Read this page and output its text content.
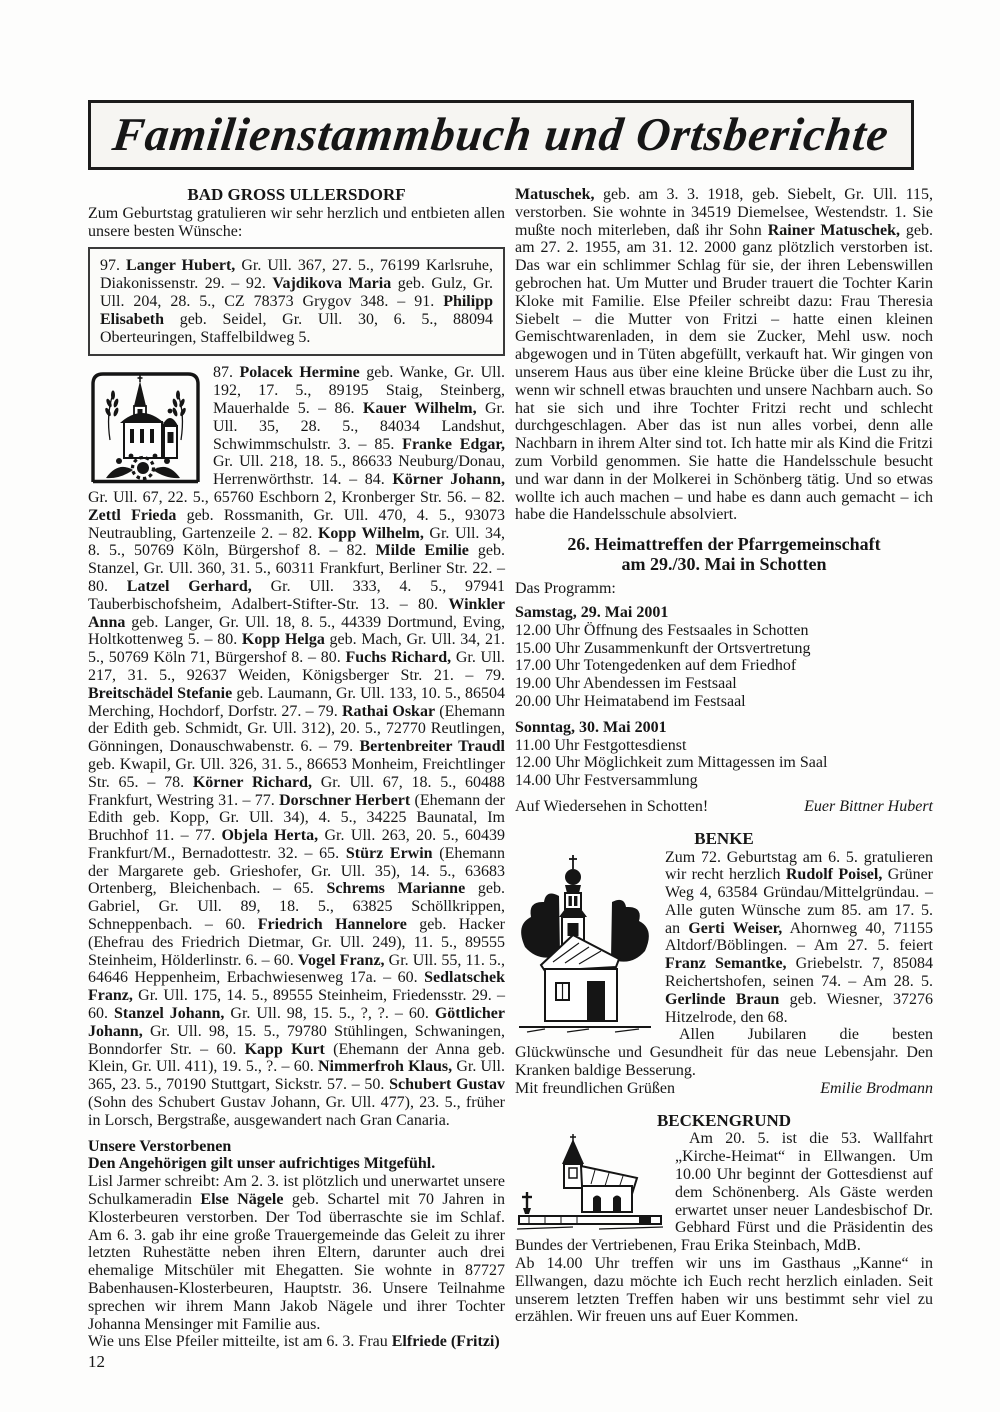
Familienstammbuch und Ortsberichte
BAD GROSS ULLERSDORF

Zum Geburtstag gratulieren wir sehr herzlich und entbieten allen unsere besten Wünsche:

97. Langer Hubert, Gr. Ull. 367, 27. 5., 76199 Karlsruhe, Diakonissenstr. 29. – 92. Vajdikova Maria geb. Gulz, Gr. Ull. 204, 28. 5., CZ 78373 Grygov 348. – 91. Philipp Elisabeth geb. Seidel, Gr. Ull. 30, 6. 5., 88094 Oberteuringen, Staffelbildweg 5.

87. Polacek Hermine geb. Wanke, Gr. Ull. 192, 17. 5., 89195 Staig, Steinberg, Mauerhalde 5. – 86. Kauer Wilhelm, Gr. Ull. 35, 28. 5., 84034 Landshut, Schwimmschulstr. 3. – 85. Franke Edgar, Gr. Ull. 218, 18. 5., 86633 Neuburg/Donau, Herrenwörthstr. 14. – 84. Körner Johann, Gr. Ull. 67, 22. 5., 65760 Eschborn 2, Kronberger Str. 56. – 82. Zettl Frieda geb. Rossmanith, Gr. Ull. 470, 4. 5., 93073 Neutraubling, Gartenzeile 2. – 82. Kopp Wilhelm, Gr. Ull. 34, 8. 5., 50769 Köln, Bürgershof 8. – 82. Milde Emilie geb. Stanzel, Gr. Ull. 360, 31. 5., 60311 Frankfurt, Berliner Str. 22. – 80. Latzel Gerhard, Gr. Ull. 333, 4. 5., 97941 Tauberbischofsheim, Adalbert-Stifter-Str. 13. – 80. Winkler Anna geb. Langer, Gr. Ull. 18, 8. 5., 44339 Dortmund, Eving, Holtkottenweg 5. – 80. Kopp Helga geb. Mach, Gr. Ull. 34, 21. 5., 50769 Köln 71, Bürgershof 8. – 80. Fuchs Richard, Gr. Ull. 217, 31. 5., 92637 Weiden, Königsberger Str. 21. – 79. Breitschädel Stefanie geb. Laumann, Gr. Ull. 133, 10. 5., 86504 Merching, Hochdorf, Dorfstr. 27. – 79. Rathai Oskar (Ehemann der Edith geb. Schmidt, Gr. Ull. 312), 20. 5., 72770 Reutlingen, Gönningen, Donauschwabenstr. 6. – 79. Bertenbreiter Traudl geb. Kwapil, Gr. Ull. 326, 31. 5., 86653 Monheim, Freichtlinger Str. 65. – 78. Körner Richard, Gr. Ull. 67, 18. 5., 60488 Frankfurt, Westring 31. – 77. Dorschner Herbert (Ehemann der Edith geb. Kopp, Gr. Ull. 34), 4. 5., 34225 Baunatal, Im Bruchhof 11. – 77. Objela Herta, Gr. Ull. 263, 20. 5., 60439 Frankfurt/M., Bernadottestr. 32. – 65. Stürz Erwin (Ehemann der Margarete geb. Grieshofer, Gr. Ull. 35), 14. 5., 63683 Ortenberg, Bleichenbach. – 65. Schrems Marianne geb. Gabriel, Gr. Ull. 89, 18. 5., 63825 Schöllkrippen, Schneppenbach. – 60. Friedrich Hannelore geb. Hacker (Ehefrau des Friedrich Dietmar, Gr. Ull. 249), 11. 5., 89555 Steinheim, Hölderlinstr. 6. – 60. Vogel Franz, Gr. Ull. 55, 11. 5., 64646 Heppenheim, Erbachwiesenweg 17a. – 60. Sedlatschek Franz, Gr. Ull. 175, 14. 5., 89555 Steinheim, Friedensstr. 29. – 60. Stanzel Johann, Gr. Ull. 98, 15. 5., ?, ?. – 60. Göttlicher Johann, Gr. Ull. 98, 15. 5., 79780 Stühlingen, Schwaningen, Bonndorfer Str. – 60. Kapp Kurt (Ehemann der Anna geb. Klein, Gr. Ull. 411), 19. 5., ?. – 60. Nimmerfroh Klaus, Gr. Ull. 365, 23. 5., 70190 Stuttgart, Sickstr. 57. – 50. Schubert Gustav (Sohn des Schubert Gustav Johann, Gr. Ull. 477), 23. 5., früher in Lorsch, Bergstraße, ausgewandert nach Gran Canaria.

Unsere Verstorbenen

Den Angehörigen gilt unser aufrichtiges Mitgefühl.

Lisl Jarmer schreibt: Am 2. 3. ist plötzlich und unerwartet unsere Schulkameradin Else Nägele geb. Schartel mit 70 Jahren in Klosterbeuren verstorben. Der Tod überraschte sie im Schlaf. Am 6. 3. gab ihr eine große Trauergemeinde das Geleit zu ihrer letzten Ruhestätte neben ihren Eltern, darunter auch drei ehemalige Mitschüler mit Ehegatten. Sie wohnte in 87727 Babenhausen-Klosterbeuren, Hauptstr. 36. Unsere Teilnahme sprechen wir ihrem Mann Jakob Nägele und ihrer Tochter Johanna Mensinger mit Familie aus.

Wie uns Else Pfeiler mitteilte, ist am 6. 3. Frau Elfriede (Fritzi)

Matuschek, geb. am 3. 3. 1918, geb. Siebelt, Gr. Ull. 115, verstorben. Sie wohnte in 34519 Diemelsee, Westendstr. 1. Sie mußte noch miterleben, daß ihr Sohn Rainer Matuschek, geb. am 27. 2. 1955, am 31. 12. 2000 ganz plötzlich verstorben ist. Das war ein schlimmer Schlag für sie, der ihren Lebenswillen gebrochen hat. Um Mutter und Bruder trauert die Tochter Karin Kloke mit Familie. Else Pfeiler schreibt dazu: Frau Theresia Siebelt – die Mutter von Fritzi – hatte einen kleinen Gemischtwarenladen, in dem sie Zucker, Mehl usw. noch abgewogen und in Tüten abgefüllt, verkauft hat. Wir gingen von unserem Haus aus über eine kleine Brücke über die Lust zu ihr, wenn wir schnell etwas brauchten und unsere Nachbarn auch. So hat sie sich und ihre Tochter Fritzi recht und schlecht durchgeschlagen. Aber das ist nun alles vorbei, denn alle Nachbarn in ihrem Alter sind tot. Ich hatte mir als Kind die Fritzi zum Vorbild genommen. Sie hatte die Handelsschule besucht und war dann in der Molkerei in Schönberg tätig. Und so etwas wollte ich auch machen – und habe es dann auch gemacht – ich habe die Handelsschule absolviert.

26. Heimattreffen der Pfarrgemeinschaft
am 29./30. Mai in Schotten

Das Programm:

Samstag, 29. Mai 2001

12.00 Uhr Öffnung des Festsaales in Schotten
15.00 Uhr Zusammenkunft der Ortsvertretung
17.00 Uhr Totengedenken auf dem Friedhof
19.00 Uhr Abendessen im Festsaal
20.00 Uhr Heimatabend im Festsaal

Sonntag, 30. Mai 2001

11.00 Uhr Festgottesdienst
12.00 Uhr Möglichkeit zum Mittagessen im Saal
14.00 Uhr Festversammlung
Auf Wiedersehen in Schotten!	Euer Bittner Hubert
BENKE

Zum 72. Geburtstag am 6. 5. gratulieren wir recht herzlich Rudolf Poisel, Grüner Weg 4, 63584 Gründau/Mittelgründau. – Alle guten Wünsche zum 85. am 17. 5. an Gerti Weiser, Ahornweg 40, 71155 Altdorf/Böblingen. – Am 27. 5. feiert Franz Semantke, Griebelstr. 7, 85084 Reichertshofen, seinen 74. – Am 28. 5. Gerlinde Braun geb. Wiesner, 37276 Hitzelrode, den 68.

Allen Jubilaren die besten Glückwünsche und Gesundheit für das neue Lebensjahr. Den Kranken baldige Besserung.

Mit freundlichen Grüßen	Emilie Brodmann
BECKENGRUND

Am 20. 5. ist die 53. Wallfahrt „Kirche-Heimat“ in Ellwangen. Um 10.00 Uhr beginnt der Gottesdienst auf dem Schönenberg. Als Gäste werden erwartet unser neuer Landesbischof Dr. Gebhard Fürst und die Präsidentin des Bundes der Vertriebenen, Frau Erika Steinbach, MdB.

Ab 14.00 Uhr treffen wir uns im Gasthaus „Kanne“ in Ellwangen, dazu möchte ich Euch recht herzlich einladen. Seit unserem letzten Treffen haben wir uns bestimmt sehr viel zu erzählen. Wir freuen uns auf Euer Kommen.

12
